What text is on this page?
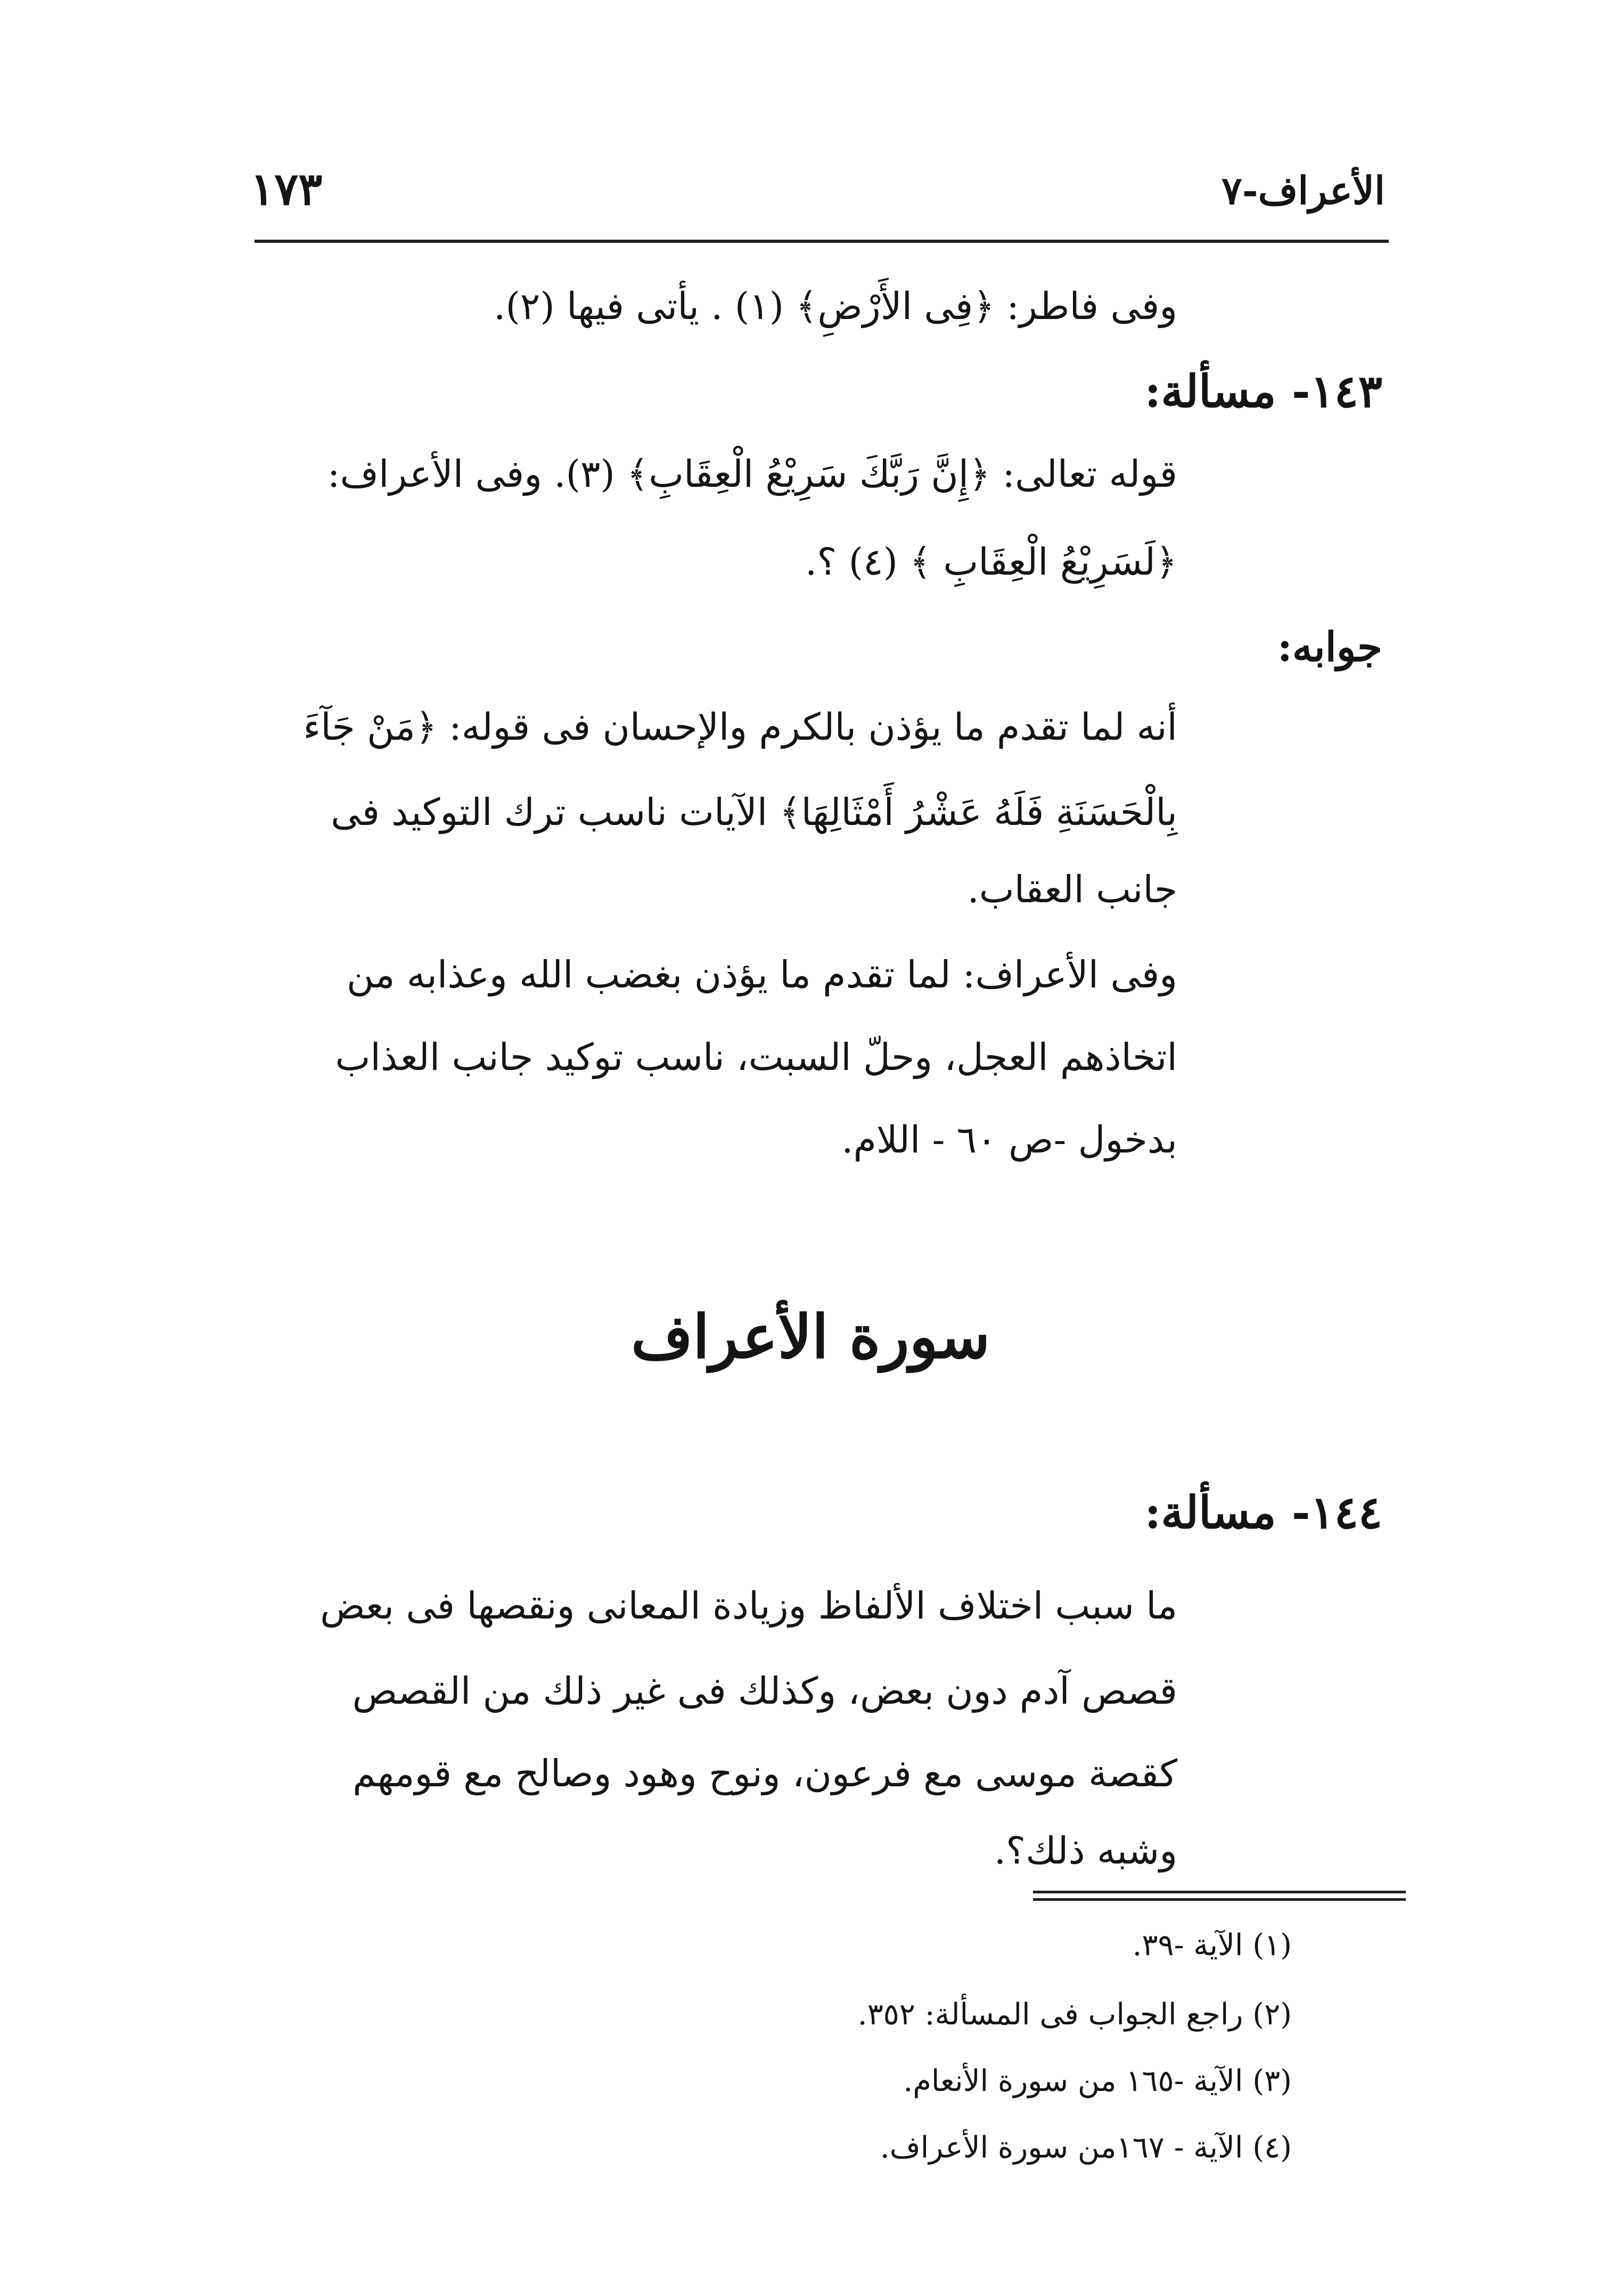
الأعراف-٧
١٧٣
وفى فاطر: ﴿فِى الأَرْضِ﴾ (١) . يأتى فيها (٢).
١٤٣- مسألة:
قوله تعالى: ﴿إِنَّ رَبَّكَ سَرِيْعُ الْعِقَابِ﴾ (٣). وفى الأعراف:
﴿لَسَرِيْعُ الْعِقَابِ ﴾ (٤) ؟.
جوابه:
أنه لما تقدم ما يؤذن بالكرم والإحسان فى قوله: ﴿مَنْ جَآءَ
بِالْحَسَنَةِ فَلَهُ عَشْرُ أَمْثَالِهَا﴾ الآيات ناسب ترك التوكيد فى
جانب العقاب.
وفى الأعراف: لما تقدم ما يؤذن بغضب الله وعذابه من
اتخاذهم العجل، وحلّ السبت، ناسب توكيد جانب العذاب
بدخول -ص ٦٠ - اللام.
سورة الأعراف
١٤٤- مسألة:
ما سبب اختلاف الألفاظ وزيادة المعانى ونقصها فى بعض
قصص آدم دون بعض، وكذلك فى غير ذلك من القصص
كقصة موسى مع فرعون، ونوح وهود وصالح مع قومهم
وشبه ذلك؟.
(١) الآية -٣٩.
(٢) راجع الجواب فى المسألة: ٣٥٢.
(٣) الآية -١٦٥ من سورة الأنعام.
(٤) الآية - ١٦٧من سورة الأعراف.
